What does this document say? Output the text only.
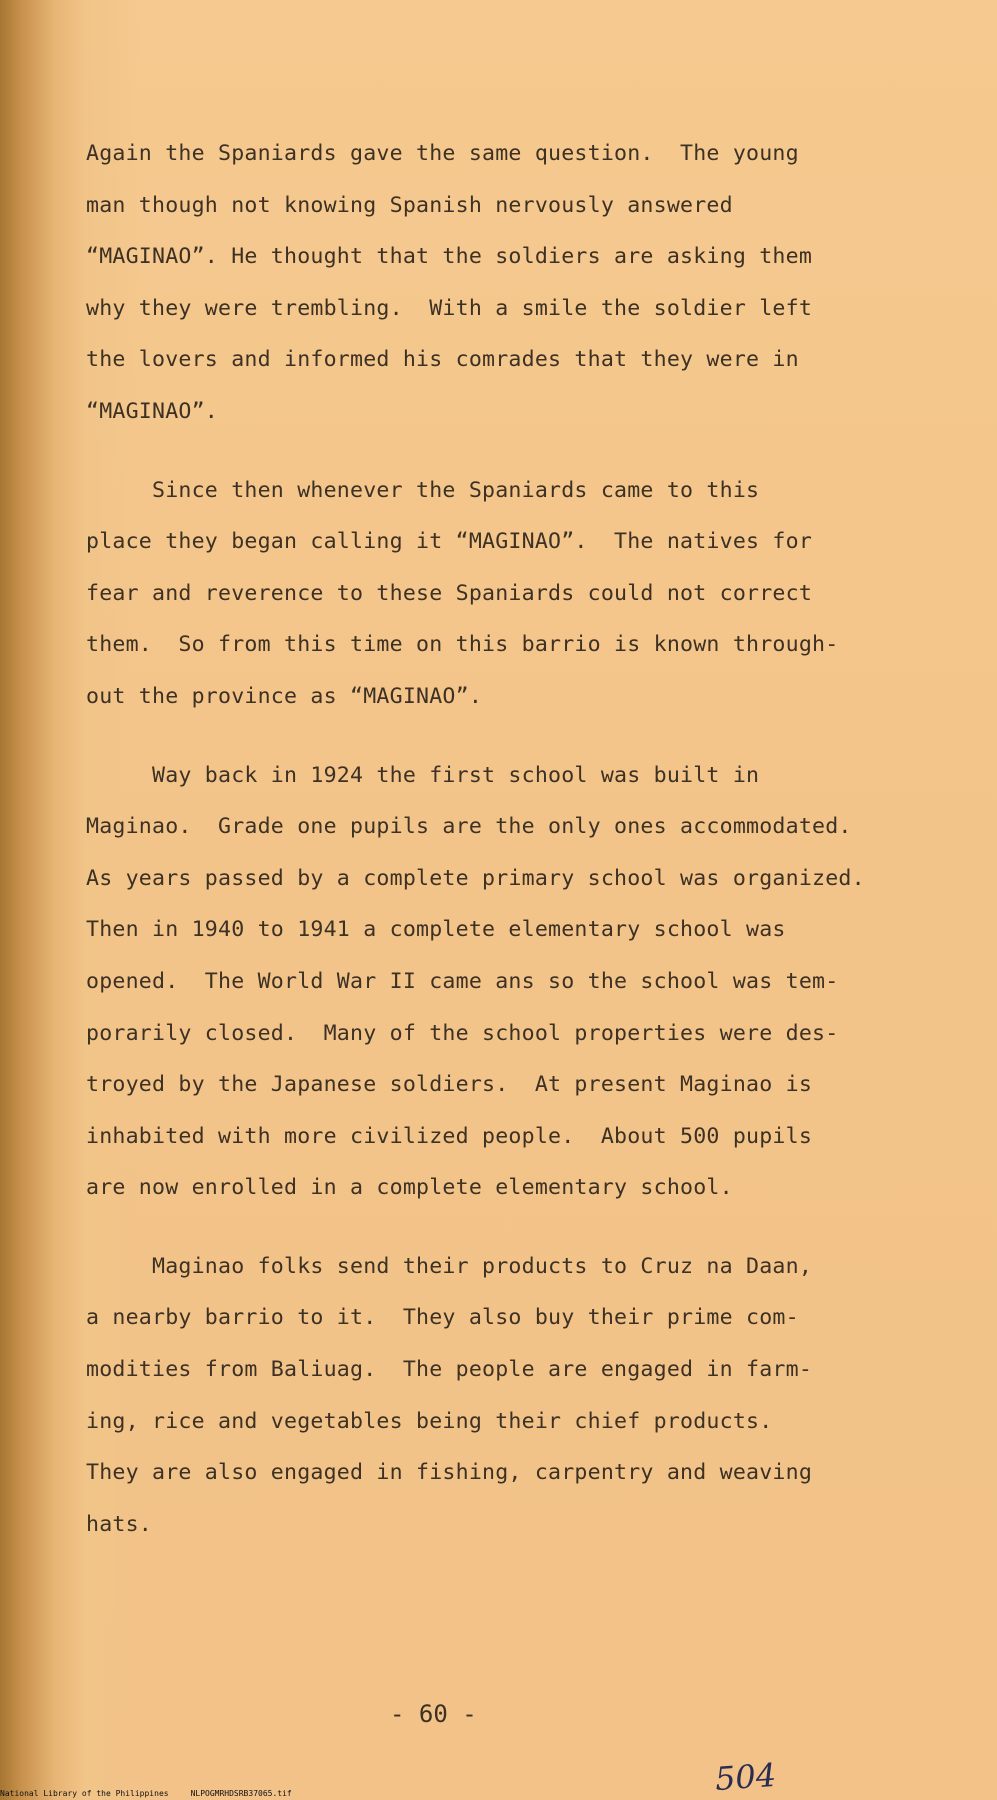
Again the Spaniards gave the same question.  The young
man though not knowing Spanish nervously answered
“MAGINAO”. He thought that the soldiers are asking them
why they were trembling.  With a smile the soldier left
the lovers and informed his comrades that they were in
“MAGINAO”.
Since then whenever the Spaniards came to this
place they began calling it “MAGINAO”.  The natives for
fear and reverence to these Spaniards could not correct
them.  So from this time on this barrio is known through-
out the province as “MAGINAO”.
Way back in 1924 the first school was built in
Maginao.  Grade one pupils are the only ones accommodated.
As years passed by a complete primary school was organized.
Then in 1940 to 1941 a complete elementary school was
opened.  The World War II came ans so the school was tem-
porarily closed.  Many of the school properties were des-
troyed by the Japanese soldiers.  At present Maginao is
inhabited with more civilized people.  About 500 pupils
are now enrolled in a complete elementary school.
Maginao folks send their products to Cruz na Daan,
a nearby barrio to it.  They also buy their prime com-
modities from Baliuag.  The people are engaged in farm-
ing, rice and vegetables being their chief products.
They are also engaged in fishing, carpentry and weaving
hats.
- 60 -
504
National Library of the Philippines	NLPOGMRHDSRB37065.tif
